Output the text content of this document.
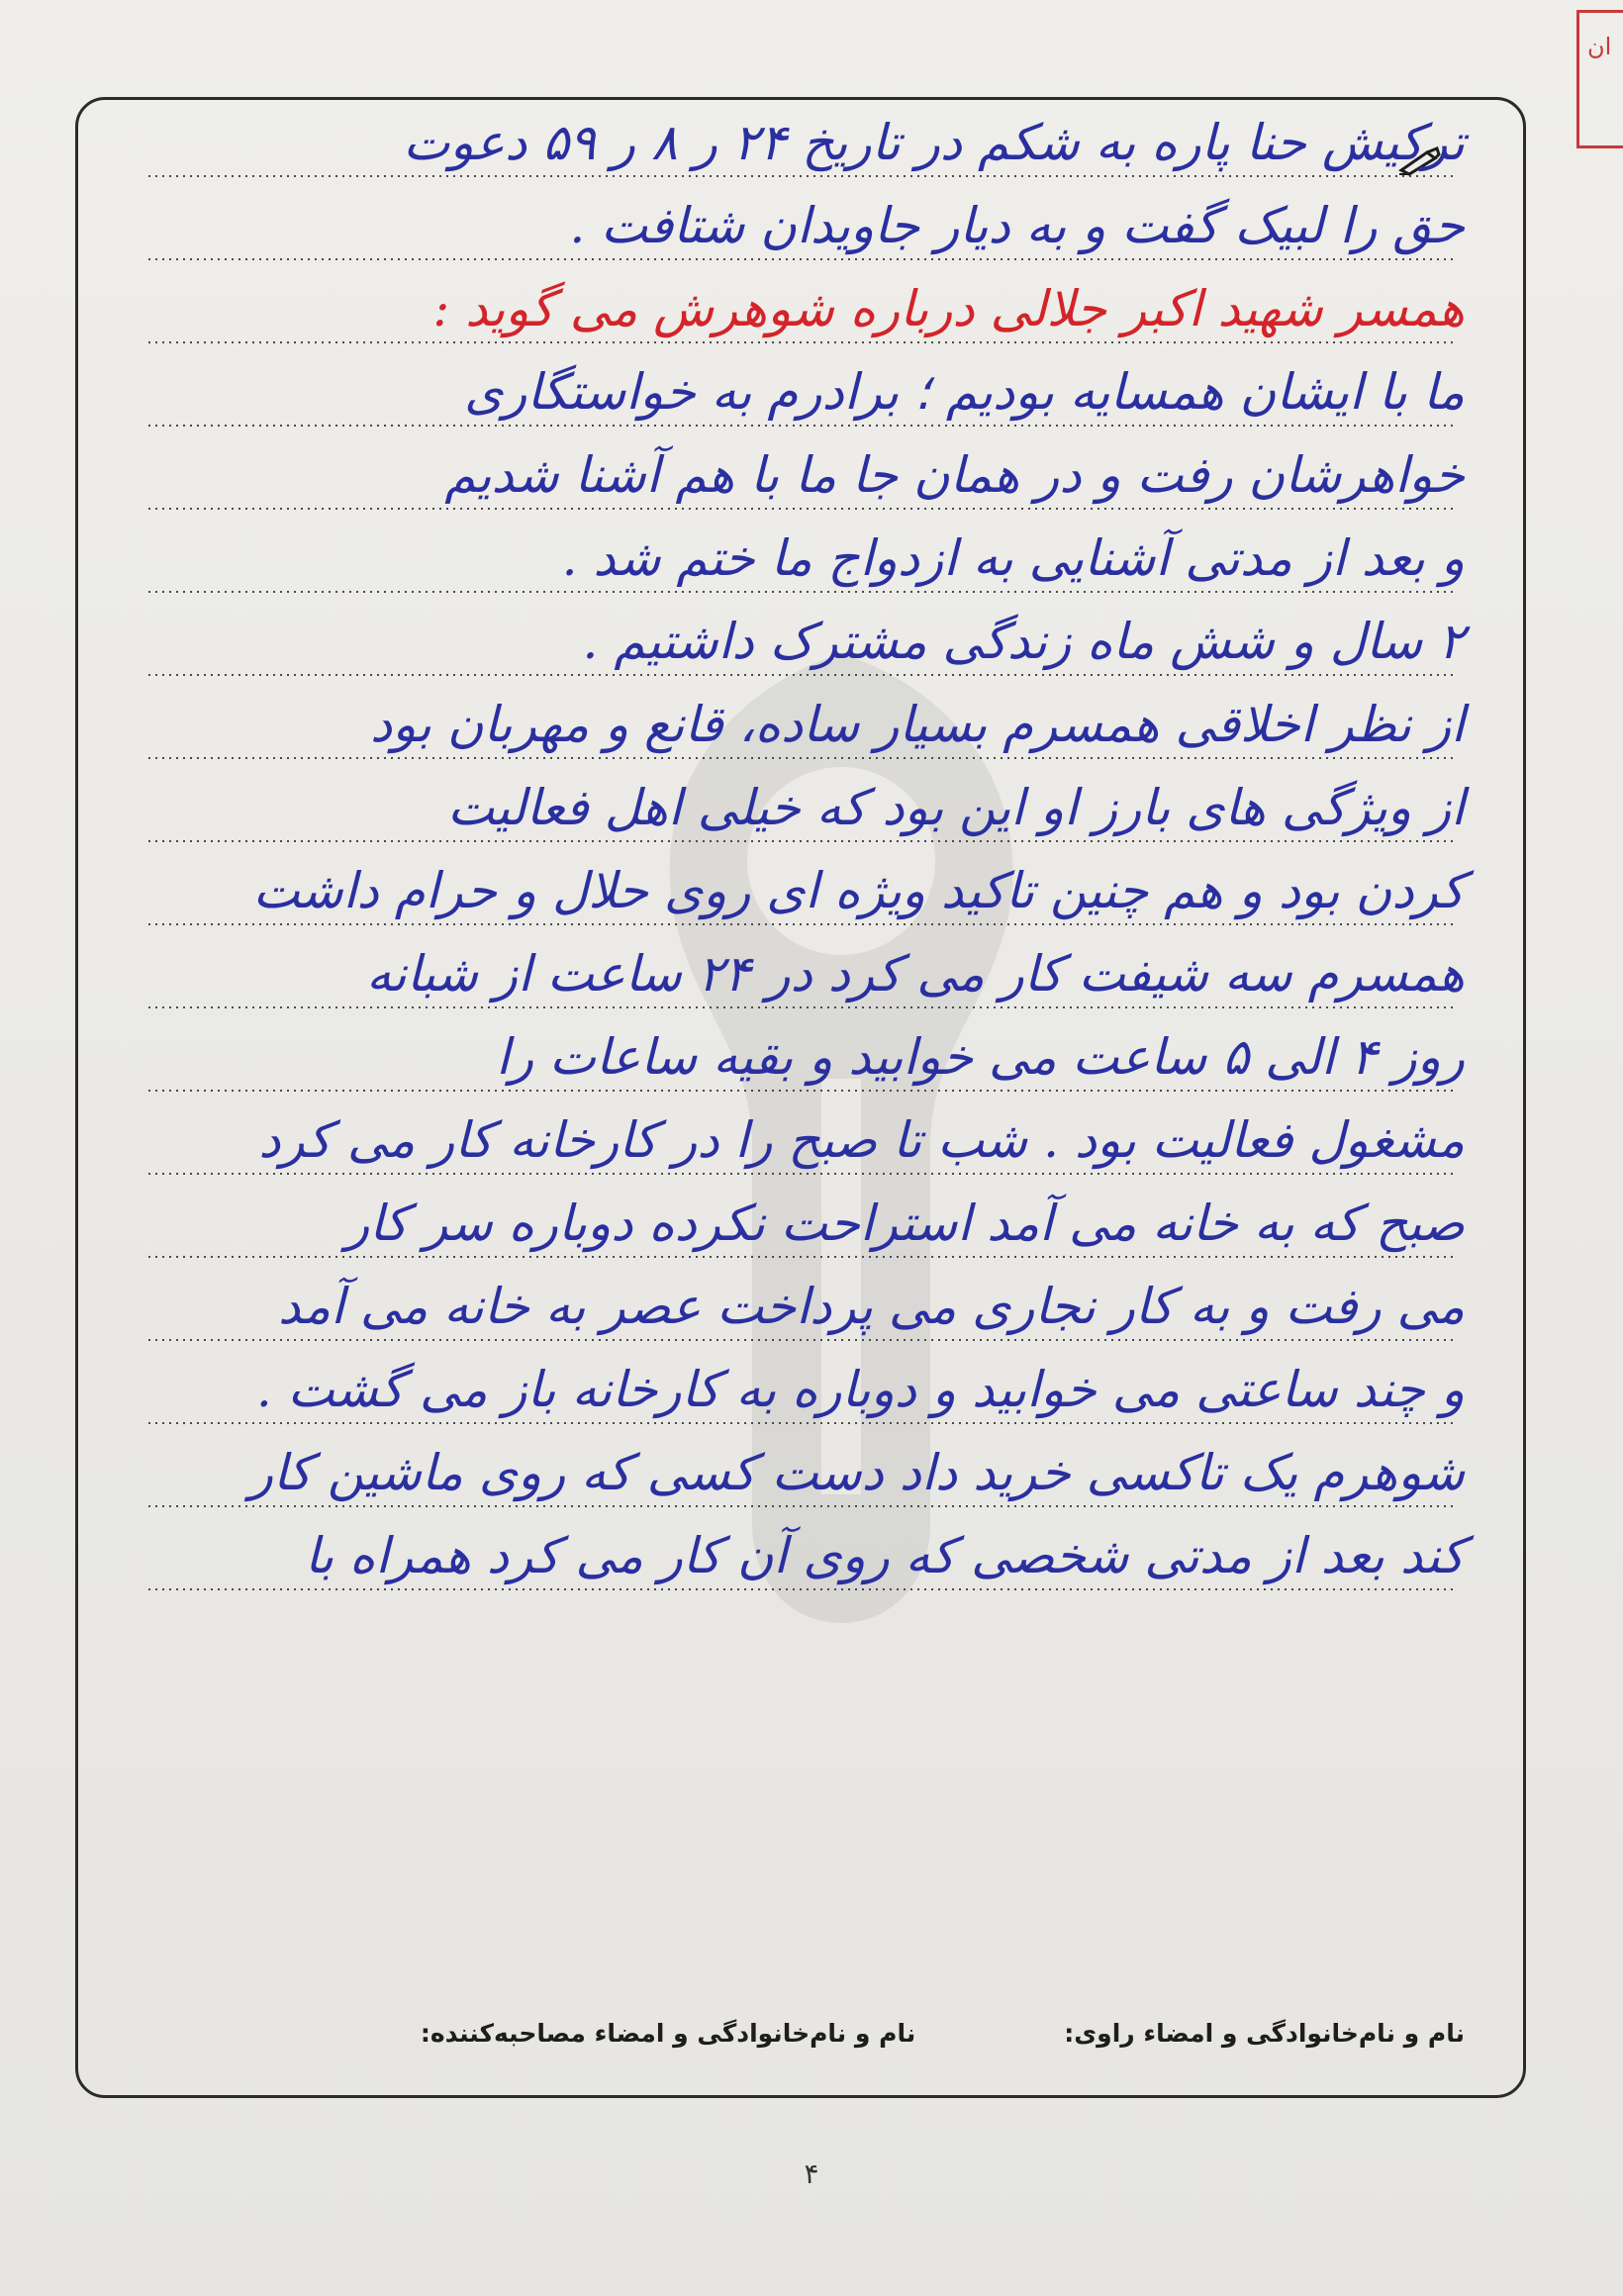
ان
ترکیش حنا پاره به شکم در تاریخ ۲۴ ر ۸ ر ۵۹ دعوت
حق را لبیک گفت و به دیار جاویدان شتافت .
همسر شهید اکبر جلالی درباره شوهرش می گوید :
ما با ایشان همسایه بودیم ؛ برادرم به خواستگاری
خواهرشان رفت و در همان جا ما با هم آشنا شدیم
و بعد از مدتی آشنایی به ازدواج ما ختم شد .
۲ سال و شش ماه زندگی مشترک داشتیم .
از نظر اخلاقی همسرم بسیار ساده، قانع و مهربان بود
از ویژگی های بارز او این بود که خیلی اهل فعالیت
کردن بود و هم چنین تاکید ویژه ای روی حلال و حرام داشت
همسرم سه شیفت کار می کرد در ۲۴ ساعت از شبانه
روز ۴ الی ۵ ساعت می خوابید و بقیه ساعات را
مشغول فعالیت بود . شب تا صبح را در کارخانه کار می کرد
صبح که به خانه می آمد استراحت نکرده دوباره سر کار
می رفت و به کار نجاری می پرداخت عصر به خانه می آمد
و چند ساعتی می خوابید و دوباره به کارخانه باز می گشت .
شوهرم یک تاکسی خرید داد دست کسی که روی ماشین کار
کند بعد از مدتی شخصی که روی آن کار می کرد همراه با
نام و نام‌خانوادگی و امضاء راوی:
نام و نام‌خانوادگی و امضاء مصاحبه‌کننده:
۴
